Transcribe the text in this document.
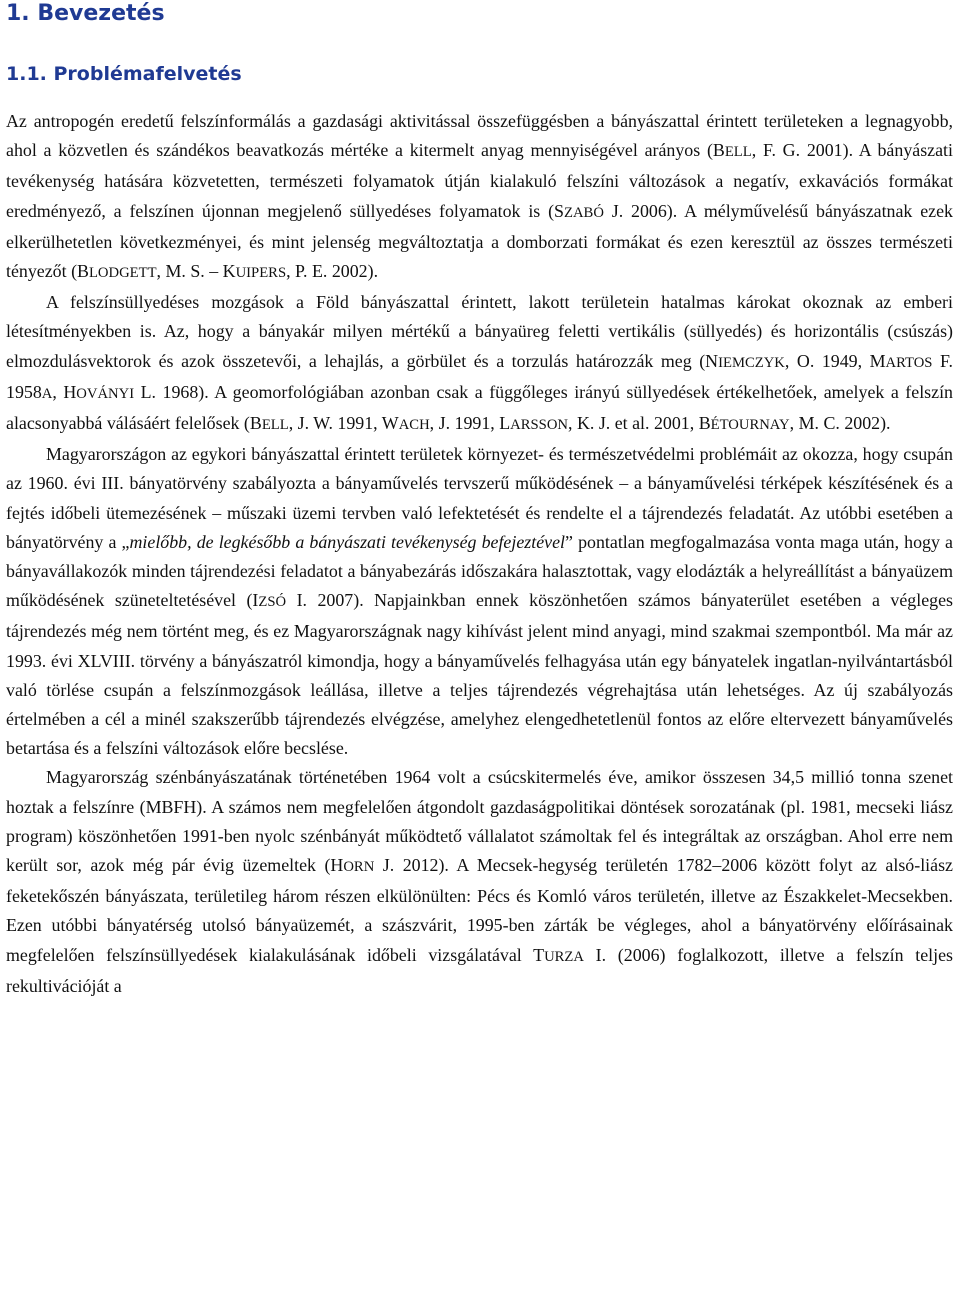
1. Bevezetés
1.1. Problémafelvetés

Az antropogén eredetű felszínformálás a gazdasági aktivitással összefüggésben a bányászattal érintett területeken a legnagyobb, ahol a közvetlen és szándékos beavatkozás mértéke a kitermelt anyag mennyiségével arányos (BELL, F. G. 2001). A bányászati tevékenység hatására közvetetten, természeti folyamatok útján kialakuló felszíni változások a negatív, exkavációs formákat eredményező, a felszínen újonnan megjelenő süllyedéses folyamatok is (SZABÓ J. 2006). A mélyművelésű bányászatnak ezek elkerülhetetlen következményei, és mint jelenség megváltoztatja a domborzati formákat és ezen keresztül az összes természeti tényezőt (BLODGETT, M. S. – KUIPERS, P. E. 2002).

A felszínsüllyedéses mozgások a Föld bányászattal érintett, lakott területein hatalmas károkat okoznak az emberi létesítményekben is. Az, hogy a bányakár milyen mértékű a bányaüreg feletti vertikális (süllyedés) és horizontális (csúszás) elmozdulásvektorok és azok összetevői, a lehajlás, a görbület és a torzulás határozzák meg (NIEMCZYK, O. 1949, MARTOS F. 1958A, HOVÁNYI L. 1968). A geomorfológiában azonban csak a függőleges irányú süllyedések értékelhetőek, amelyek a felszín alacsonyabbá válásáért felelősek (BELL, J. W. 1991, WACH, J. 1991, LARSSON, K. J. et al. 2001, BÉTOURNAY, M. C. 2002).

Magyarországon az egykori bányászattal érintett területek környezet- és természetvédelmi problémáit az okozza, hogy csupán az 1960. évi III. bányatörvény szabályozta a bányaművelés tervszerű működésének – a bányaművelési térképek készítésének és a fejtés időbeli ütemezésének – műszaki üzemi tervben való lefektetését és rendelte el a tájrendezés feladatát. Az utóbbi esetében a bányatörvény a „mielőbb, de legkésőbb a bányászati tevékenység befejeztével” pontatlan megfogalmazása vonta maga után, hogy a bányavállakozók minden tájrendezési feladatot a bányabezárás időszakára halasztottak, vagy elodázták a helyreállítást a bányaüzem működésének szüneteltetésével (IZSÓ I. 2007). Napjainkban ennek köszönhetően számos bányaterület esetében a végleges tájrendezés még nem történt meg, és ez Magyarországnak nagy kihívást jelent mind anyagi, mind szakmai szempontból. Ma már az 1993. évi XLVIII. törvény a bányászatról kimondja, hogy a bányaművelés felhagyása után egy bányatelek ingatlan-nyilvántartásból való törlése csupán a felszínmozgások leállása, illetve a teljes tájrendezés végrehajtása után lehetséges. Az új szabályozás értelmében a cél a minél szakszerűbb tájrendezés elvégzése, amelyhez elengedhetetlenül fontos az előre eltervezett bányaművelés betartása és a felszíni változások előre becslése.

Magyarország szénbányászatának történetében 1964 volt a csúcskitermelés éve, amikor összesen 34,5 millió tonna szenet hoztak a felszínre (MBFH). A számos nem megfelelően átgondolt gazdaságpolitikai döntések sorozatának (pl. 1981, mecseki liász program) köszönhetően 1991-ben nyolc szénbányát működtető vállalatot számoltak fel és integráltak az országban. Ahol erre nem került sor, azok még pár évig üzemeltek (HORN J. 2012). A Mecsek-hegység területén 1782–2006 között folyt az alsó-liász feketekőszén bányászata, területileg három részen elkülönülten: Pécs és Komló város területén, illetve az Északkelet-Mecsekben. Ezen utóbbi bányatérség utolsó bányaüzemét, a szászvárit, 1995-ben zárták be végleges, ahol a bányatörvény előírásainak megfelelően felszínsüllyedések kialakulásának időbeli vizsgálatával TURZA I. (2006) foglalkozott, illetve a felszín teljes rekultivációját a
